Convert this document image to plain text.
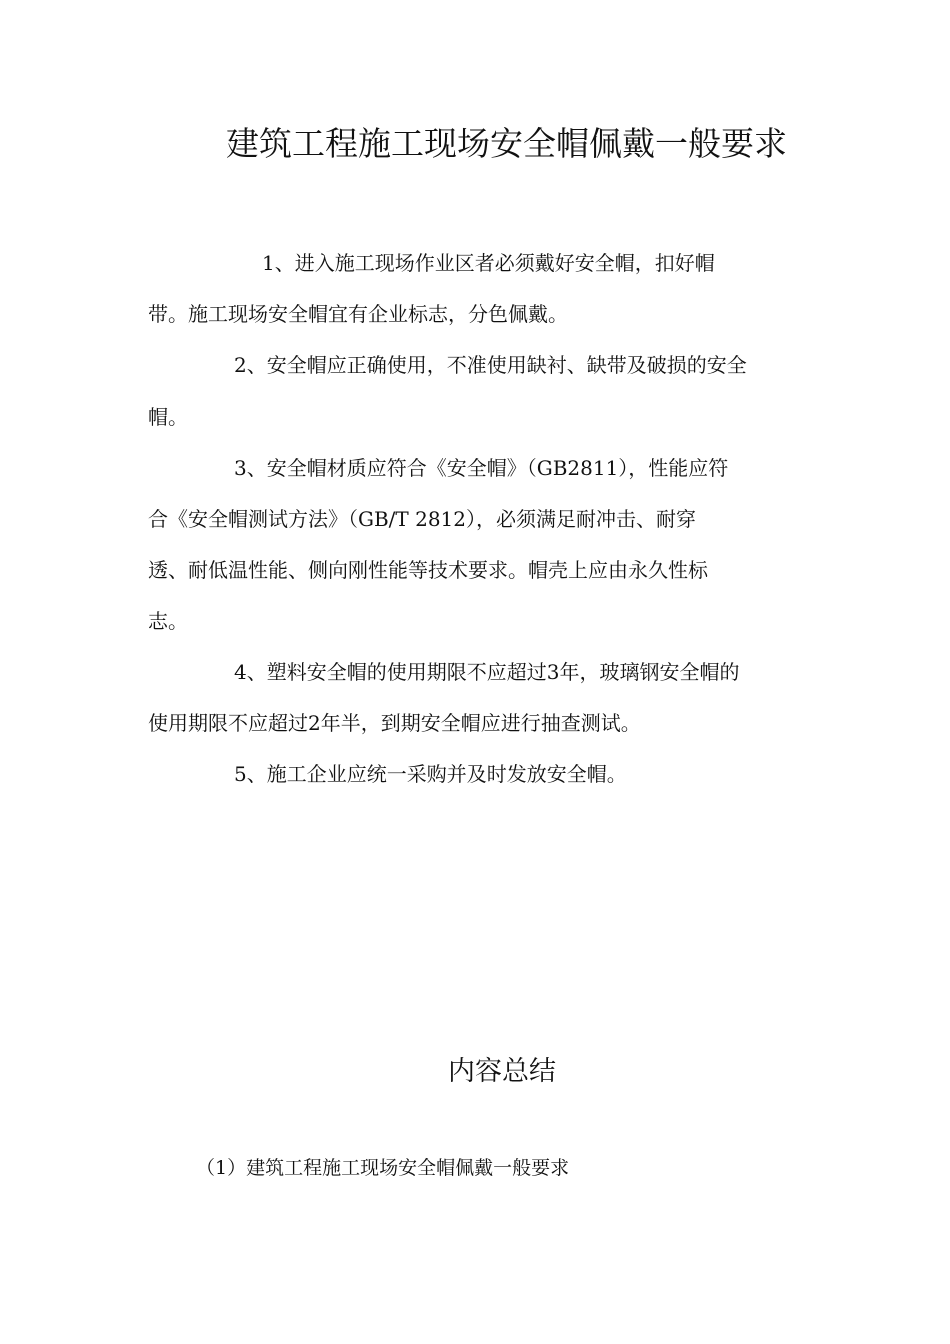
建筑工程施工现场安全帽佩戴一般要求
1、进入施工现场作业区者必须戴好安全帽，扣好帽
带。施工现场安全帽宜有企业标志，分色佩戴。
2、安全帽应正确使用，不准使用缺衬、缺带及破损的安全
帽。
3、安全帽材质应符合《安全帽》（GB2811），性能应符
合《安全帽测试方法》（GB/T 2812），必须满足耐冲击、耐穿
透、耐低温性能、侧向刚性能等技术要求。帽壳上应由永久性标
志。
4、塑料安全帽的使用期限不应超过3年，玻璃钢安全帽的
使用期限不应超过2年半，到期安全帽应进行抽查测试。
5、施工企业应统一采购并及时发放安全帽。
内容总结
（1）建筑工程施工现场安全帽佩戴一般要求
